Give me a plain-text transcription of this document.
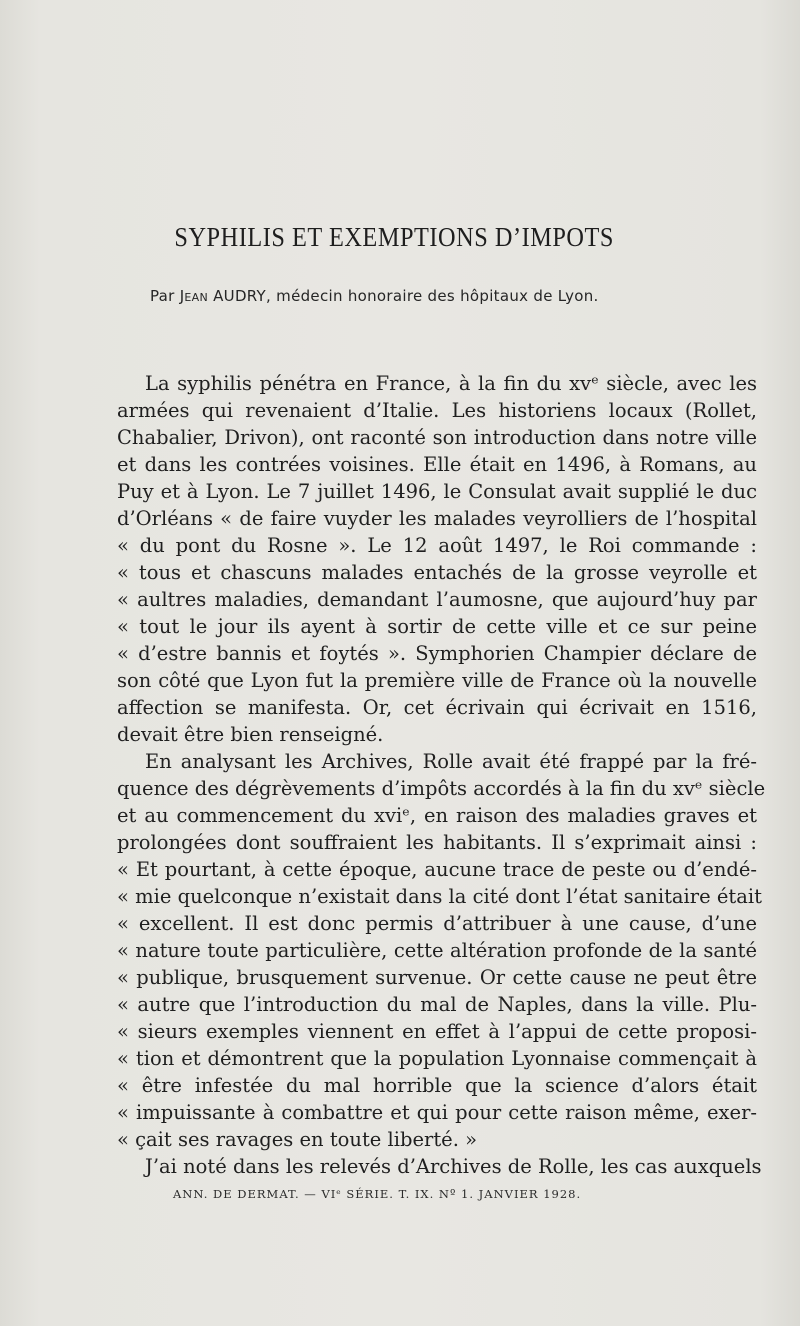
SYPHILIS ET EXEMPTIONS D’IMPOTS
Par Jean AUDRY, médecin honoraire des hôpitaux de Lyon.
La syphilis pénétra en France, à la fin du xvᵉ siècle, avec les
armées qui revenaient d’Italie. Les historiens locaux (Rollet,
Chabalier, Drivon), ont raconté son introduction dans notre ville
et dans les contrées voisines. Elle était en 1496, à Romans, au
Puy et à Lyon. Le 7 juillet 1496, le Consulat avait supplié le duc
d’Orléans « de faire vuyder les malades veyrolliers de l’hospital
« du pont du Rosne ». Le 12 août 1497, le Roi commande :
« tous et chascuns malades entachés de la grosse veyrolle et
« aultres maladies, demandant l’aumosne, que aujourd’huy par
« tout le jour ils ayent à sortir de cette ville et ce sur peine
« d’estre bannis et foytés ». Symphorien Champier déclare de
son côté que Lyon fut la première ville de France où la nouvelle
affection se manifesta. Or, cet écrivain qui écrivait en 1516,
devait être bien renseigné.
En analysant les Archives, Rolle avait été frappé par la fré-
quence des dégrèvements d’impôts accordés à la fin du xvᵉ siècle
et au commencement du xviᵉ, en raison des maladies graves et
prolongées dont souffraient les habitants. Il s’exprimait ainsi :
« Et pourtant, à cette époque, aucune trace de peste ou d’endé-
« mie quelconque n’existait dans la cité dont l’état sanitaire était
« excellent. Il est donc permis d’attribuer à une cause, d’une
« nature toute particulière, cette altération profonde de la santé
« publique, brusquement survenue. Or cette cause ne peut être
« autre que l’introduction du mal de Naples, dans la ville. Plu-
« sieurs exemples viennent en effet à l’appui de cette proposi-
« tion et démontrent que la population Lyonnaise commençait à
« être infestée du mal horrible que la science d’alors était
« impuissante à combattre et qui pour cette raison même, exer-
« çait ses ravages en toute liberté. »
J’ai noté dans les relevés d’Archives de Rolle, les cas auxquels
ANN. DE DERMAT. — VIᵉ SÉRIE. T. IX. Nº 1. JANVIER 1928.
